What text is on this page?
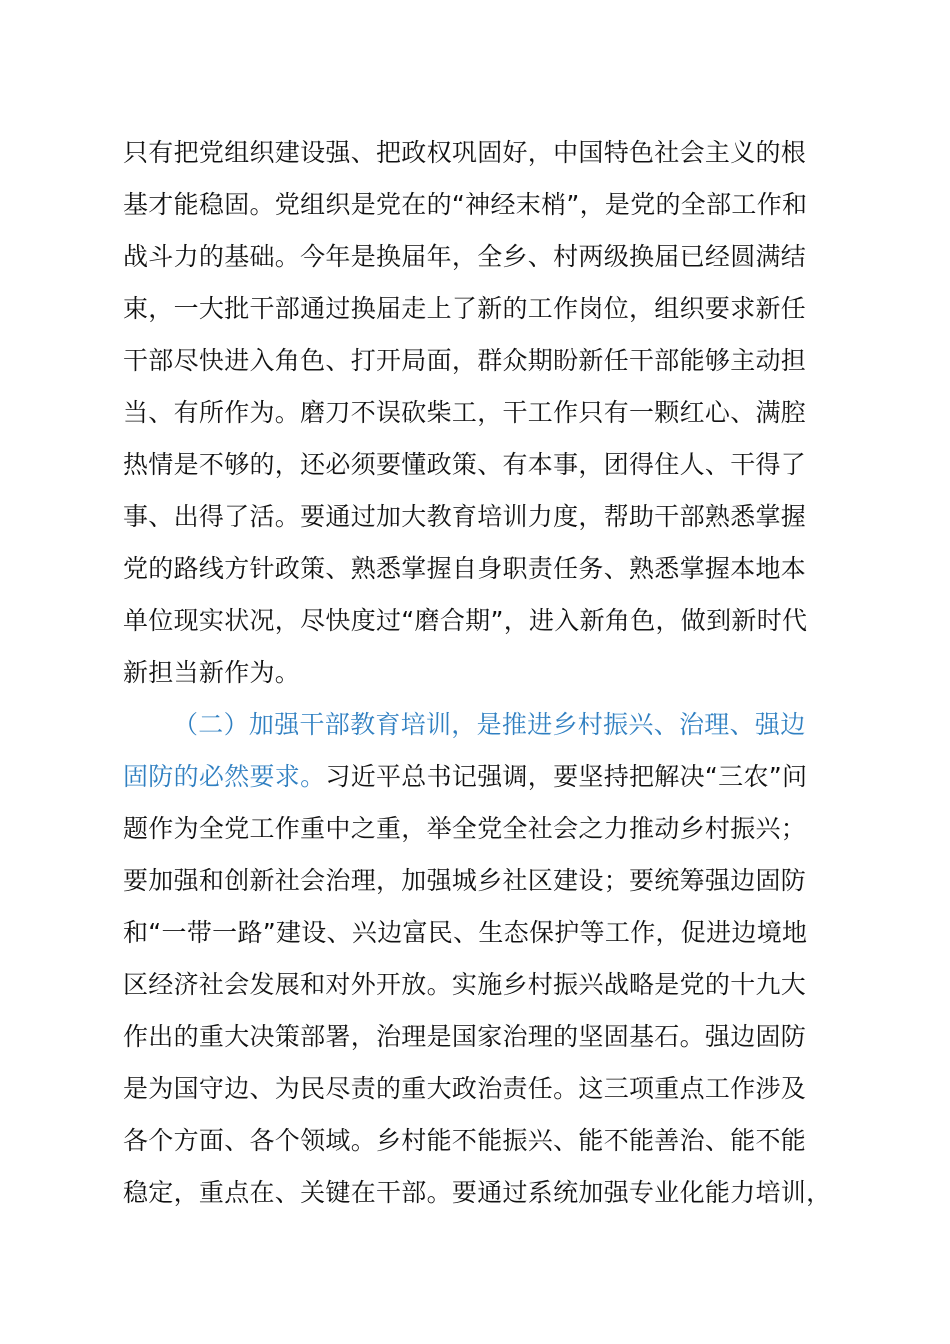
只有把党组织建设强、把政权巩固好，中国特色社会主义的根
基才能稳固。党组织是党在的“神经末梢”，是党的全部工作和
战斗力的基础。今年是换届年，全乡、村两级换届已经圆满结
束，一大批干部通过换届走上了新的工作岗位，组织要求新任
干部尽快进入角色、打开局面，群众期盼新任干部能够主动担
当、有所作为。磨刀不误砍柴工，干工作只有一颗红心、满腔
热情是不够的，还必须要懂政策、有本事，团得住人、干得了
事、出得了活。要通过加大教育培训力度，帮助干部熟悉掌握
党的路线方针政策、熟悉掌握自身职责任务、熟悉掌握本地本
单位现实状况，尽快度过“磨合期”，进入新角色，做到新时代
新担当新作为。
（二）加强干部教育培训，是推进乡村振兴、治理、强边
固防的必然要求。习近平总书记强调，要坚持把解决“三农”问
题作为全党工作重中之重，举全党全社会之力推动乡村振兴；
要加强和创新社会治理，加强城乡社区建设；要统筹强边固防
和“一带一路”建设、兴边富民、生态保护等工作，促进边境地
区经济社会发展和对外开放。实施乡村振兴战略是党的十九大
作出的重大决策部署，治理是国家治理的坚固基石。强边固防
是为国守边、为民尽责的重大政治责任。这三项重点工作涉及
各个方面、各个领域。乡村能不能振兴、能不能善治、能不能
稳定，重点在、关键在干部。要通过系统加强专业化能力培训，
